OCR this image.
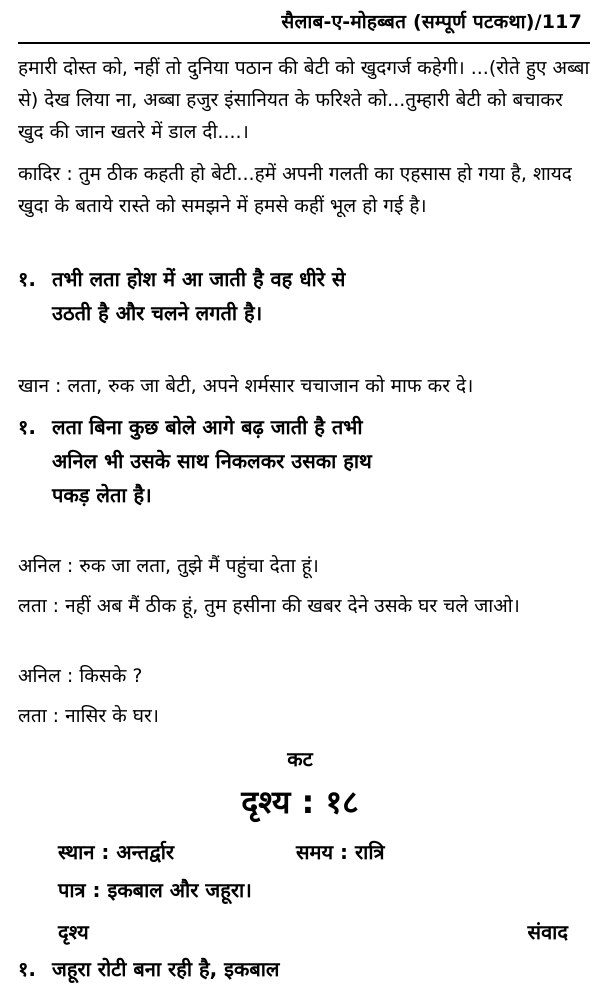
सैलाब-ए-मोहब्बत (सम्पूर्ण पटकथा)/117

हमारी दोस्त को, नहीं तो दुनिया पठान की बेटी को खुदगर्ज कहेगी। ...(रोते हुए अब्बा से) देख लिया ना, अब्बा हजुर इंसानियत के फरिश्ते को...तुम्हारी बेटी को बचाकर खुद की जान खतरे में डाल दी....।

कादिर : तुम ठीक कहती हो बेटी...हमें अपनी गलती का एहसास हो गया है, शायद खुदा के बताये रास्ते को समझने में हमसे कहीं भूल हो गई है।

१. तभी लता होश में आ जाती है वह धीरे से उठती है और चलने लगती है।

खान : लता, रुक जा बेटी, अपने शर्मसार चचाजान को माफ कर दे।

१. लता बिना कुछ बोले आगे बढ़ जाती है तभी अनिल भी उसके साथ निकलकर उसका हाथ पकड़ लेता है।

अनिल : रुक जा लता, तुझे मैं पहुंचा देता हूं।

लता : नहीं अब मैं ठीक हूं, तुम हसीना की खबर देने उसके घर चले जाओ।

अनिल : किसके ?

लता : नासिर के घर।

कट
दृश्य : १८
स्थान : अन्तर्द्वार	समय : रात्रि
पात्र : इकबाल और जहूरा।
दृश्य	संवाद
१. जहूरा रोटी बना रही है, इकबाल
